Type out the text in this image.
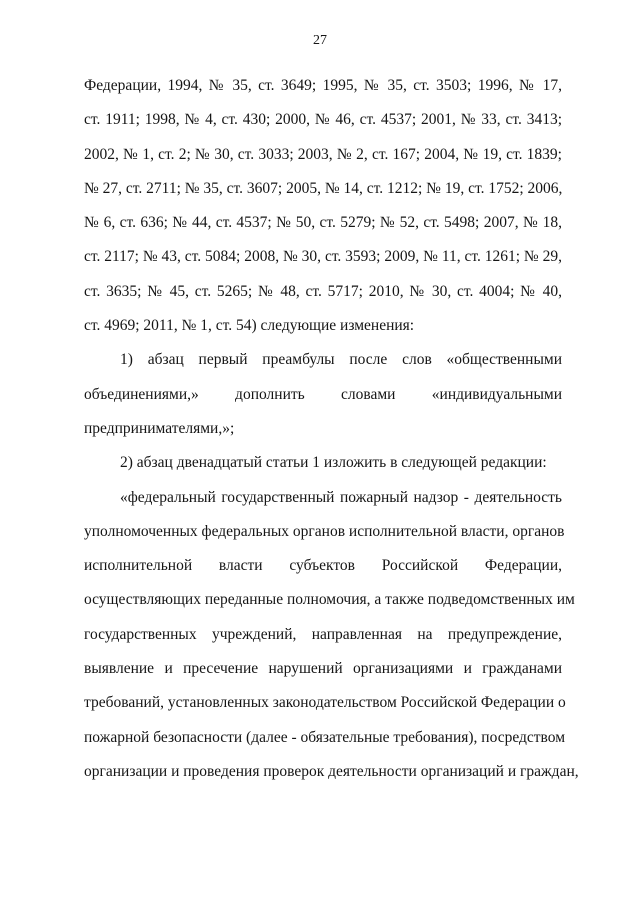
27
Федерации, 1994, № 35, ст. 3649; 1995, № 35, ст. 3503; 1996, № 17,
ст. 1911; 1998, № 4, ст. 430; 2000, № 46, ст. 4537; 2001, № 33, ст. 3413;
2002, № 1, ст. 2; № 30, ст. 3033; 2003, № 2, ст. 167; 2004, № 19, ст. 1839;
№ 27, ст. 2711; № 35, ст. 3607; 2005, № 14, ст. 1212; № 19, ст. 1752; 2006,
№ 6, ст. 636; № 44, ст. 4537; № 50, ст. 5279; № 52, ст. 5498; 2007, № 18,
ст. 2117; № 43, ст. 5084; 2008, № 30, ст. 3593; 2009, № 11, ст. 1261; № 29,
ст. 3635; № 45, ст. 5265; № 48, ст. 5717; 2010, № 30, ст. 4004; № 40,
ст. 4969; 2011, № 1, ст. 54) следующие изменения:
1) абзац первый преамбулы после слов «общественными
объединениями,» дополнить словами «индивидуальными
предпринимателями,»;
2) абзац двенадцатый статьи 1 изложить в следующей редакции:
«федеральный государственный пожарный надзор - деятельность
уполномоченных федеральных органов исполнительной власти, органов
исполнительной власти субъектов Российской Федерации,
осуществляющих переданные полномочия, а также подведомственных им
государственных учреждений, направленная на предупреждение,
выявление и пресечение нарушений организациями и гражданами
требований, установленных законодательством Российской Федерации о
пожарной безопасности (далее - обязательные требования), посредством
организации и проведения проверок деятельности организаций и граждан,
